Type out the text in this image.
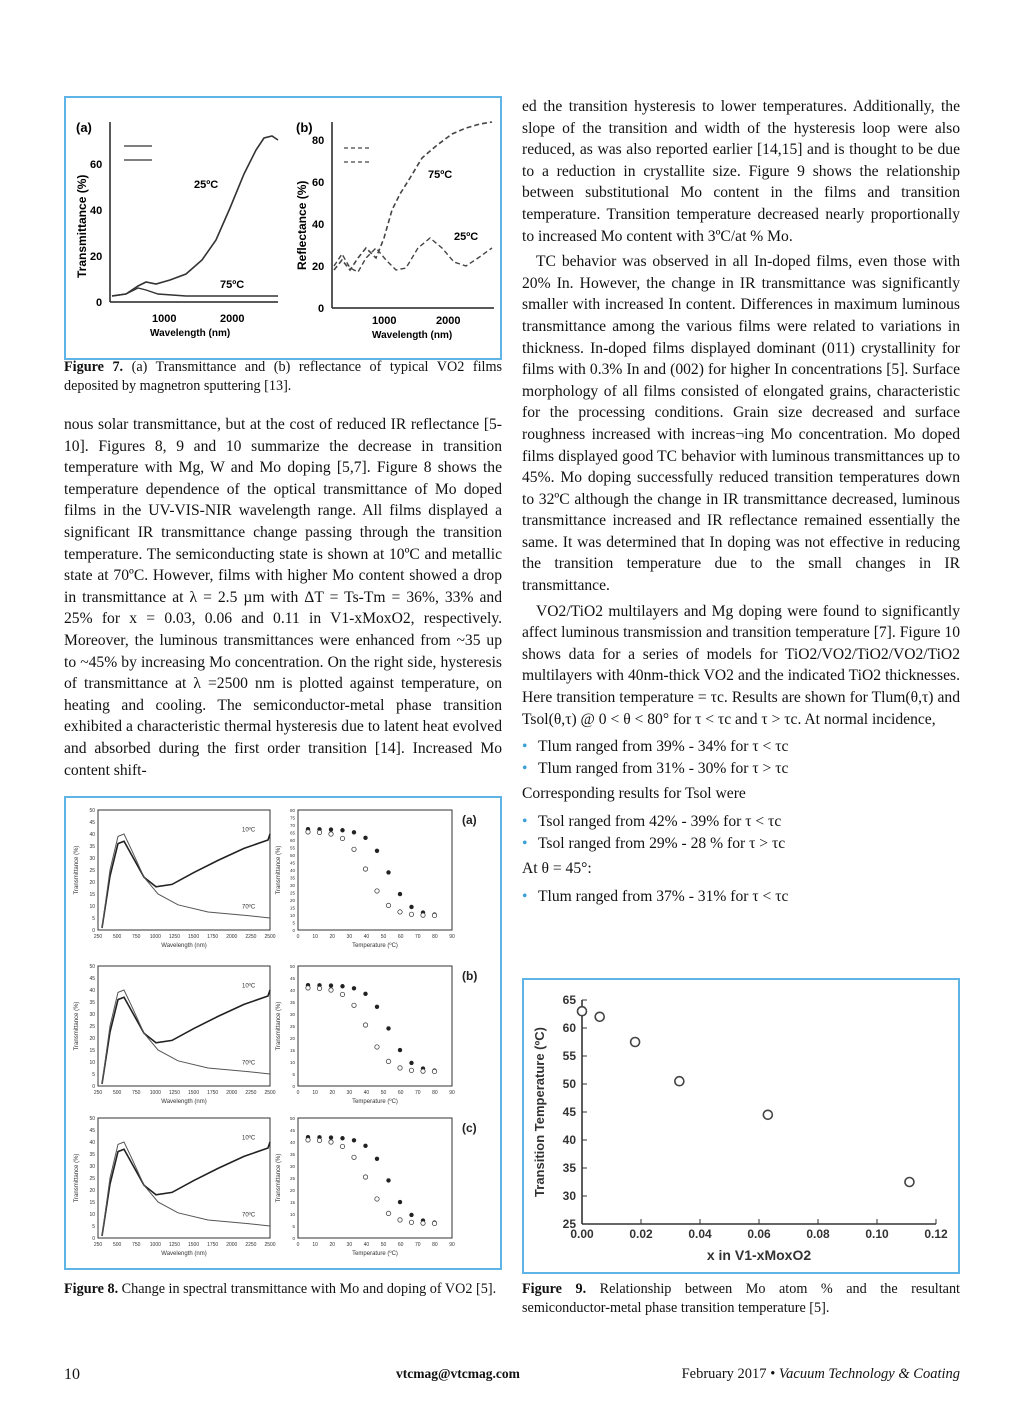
(a)
Transmittance (%)
0
20
40
60
1000	2000
Wavelength (nm)
25ºC
75ºC
(b)
Reflectance (%)
0
20
40
60
80
1000	2000
Wavelength (nm)
75ºC
25ºC
Figure 7. (a) Transmittance and (b) reflectance of typical VO2 films deposited by magnetron sputtering [13].

nous solar transmittance, but at the cost of reduced IR reflectance [5-10]. Figures 8, 9 and 10 summarize the decrease in transition temperature with Mg, W and Mo doping [5,7]. Figure 8 shows the temperature dependence of the optical transmittance of Mo doped films in the UV-VIS-NIR wavelength range. All films displayed a significant IR transmittance change passing through the transition temperature. The semiconducting state is shown at 10ºC and metallic state at 70ºC. However, films with higher Mo content showed a drop in transmittance at λ = 2.5 µm with ΔT = Ts-Tm = 36%, 33% and 25% for x = 0.03, 0.06 and 0.11 in V1-xMoxO2, respectively. Moreover, the luminous transmittances were enhanced from ~35 up to ~45% by increasing Mo concentration. On the right side, hysteresis of transmittance at λ =2500 nm is plotted against temperature, on heating and cooling. The semiconductor-metal phase transition exhibited a characteristic thermal hysteresis due to latent heat evolved and absorbed during the first order transition [14]. Increased Mo content shift-

0
5
10
15
20
25
30
35
40
45
50
250 500 750 1000 1250 1500 1750 2000 2250 2500
Wavelength (nm)
Transmittance (%)
10ºC
70ºC
0
5
10
15
20
25
30
35
40
45
50
55
60
65
70
75
80
0	10 20 30 40 50 60 70 80 90
Temperature (ºC)
Transmittance (%)
(a)
0
5
10
15
20
25
30
35
40
45
50
250 500 750 1000 1250 1500 1750 2000 2250 2500
Wavelength (nm)
Transmittance (%)
10ºC
70ºC
0
5
10
15
20
25
30
35
40
45
50
0	10 20 30 40 50 60 70 80 90
Temperature (ºC)
Transmittance (%)
(b)
0
5
10
15
20
25
30
35
40
45
50
250 500 750 1000 1250 1500 1750 2000 2250 2500
Wavelength (nm)
Transmittance (%)
10ºC
70ºC
0
5
10
15
20
25
30
35
40
45
50
0	10 20 30 40 50 60 70 80 90
Temperature (ºC)
Transmittance (%)
(c)
Figure 8. Change in spectral transmittance with Mo and doping of VO2 [5].

ed the transition hysteresis to lower temperatures. Additionally, the slope of the transition and width of the hysteresis loop were also reduced, as was also reported earlier [14,15] and is thought to be due to a reduction in crystallite size. Figure 9 shows the relationship between substitutional Mo content in the films and transition temperature. Transition temperature decreased nearly proportionally to increased Mo content with 3ºC/at % Mo.

TC behavior was observed in all In-doped films, even those with 20% In. However, the change in IR transmittance was significantly smaller with increased In content. Differences in maximum luminous transmittance among the various films were related to variations in thickness. In-doped films displayed dominant (011) crystallinity for films with 0.3% In and (002) for higher In concentrations [5]. Surface morphology of all films consisted of elongated grains, characteristic for the processing conditions. Grain size decreased and surface roughness increased with increas¬ing Mo concentration. Mo doped films displayed good TC behavior with luminous transmittances up to 45%. Mo doping successfully reduced transition temperatures down to 32ºC although the change in IR transmittance decreased, luminous transmittance increased and IR reflectance remained essentially the same. It was determined that In doping was not effective in reducing the transition temperature due to the small changes in IR transmittance.

VO2/TiO2 multilayers and Mg doping were found to significantly affect luminous transmission and transition temperature [7]. Figure 10 shows data for a series of models for TiO2/VO2/TiO2/VO2/TiO2 multilayers with 40nm-thick VO2 and the indicated TiO2 thicknesses. Here transition temperature = τc. Results are shown for Tlum(θ,τ) and Tsol(θ,τ) @ 0 < θ < 80° for τ < τc and τ > τc. At normal incidence,

• Tlum ranged from 39% - 34% for τ < τc
• Tlum ranged from 31% - 30% for τ > τc

Corresponding results for Tsol were

• Tsol ranged from 42% - 39% for τ < τc
• Tsol ranged from 29% - 28 % for τ > τc

At θ = 45°:

• Tlum ranged from 37% - 31% for τ < τc
25
30
35
40
45
50
55
60
65
0.00	0.02	0.04	0.06	0.08	0.10	0.12
x in V1-xMoxO2
Transition Temperature (ºC)
Figure 9. Relationship between Mo atom % and the resultant semiconductor-metal phase transition temperature [5].
10	vtcmag@vtcmag.com	February 2017 • Vacuum Technology & Coating
